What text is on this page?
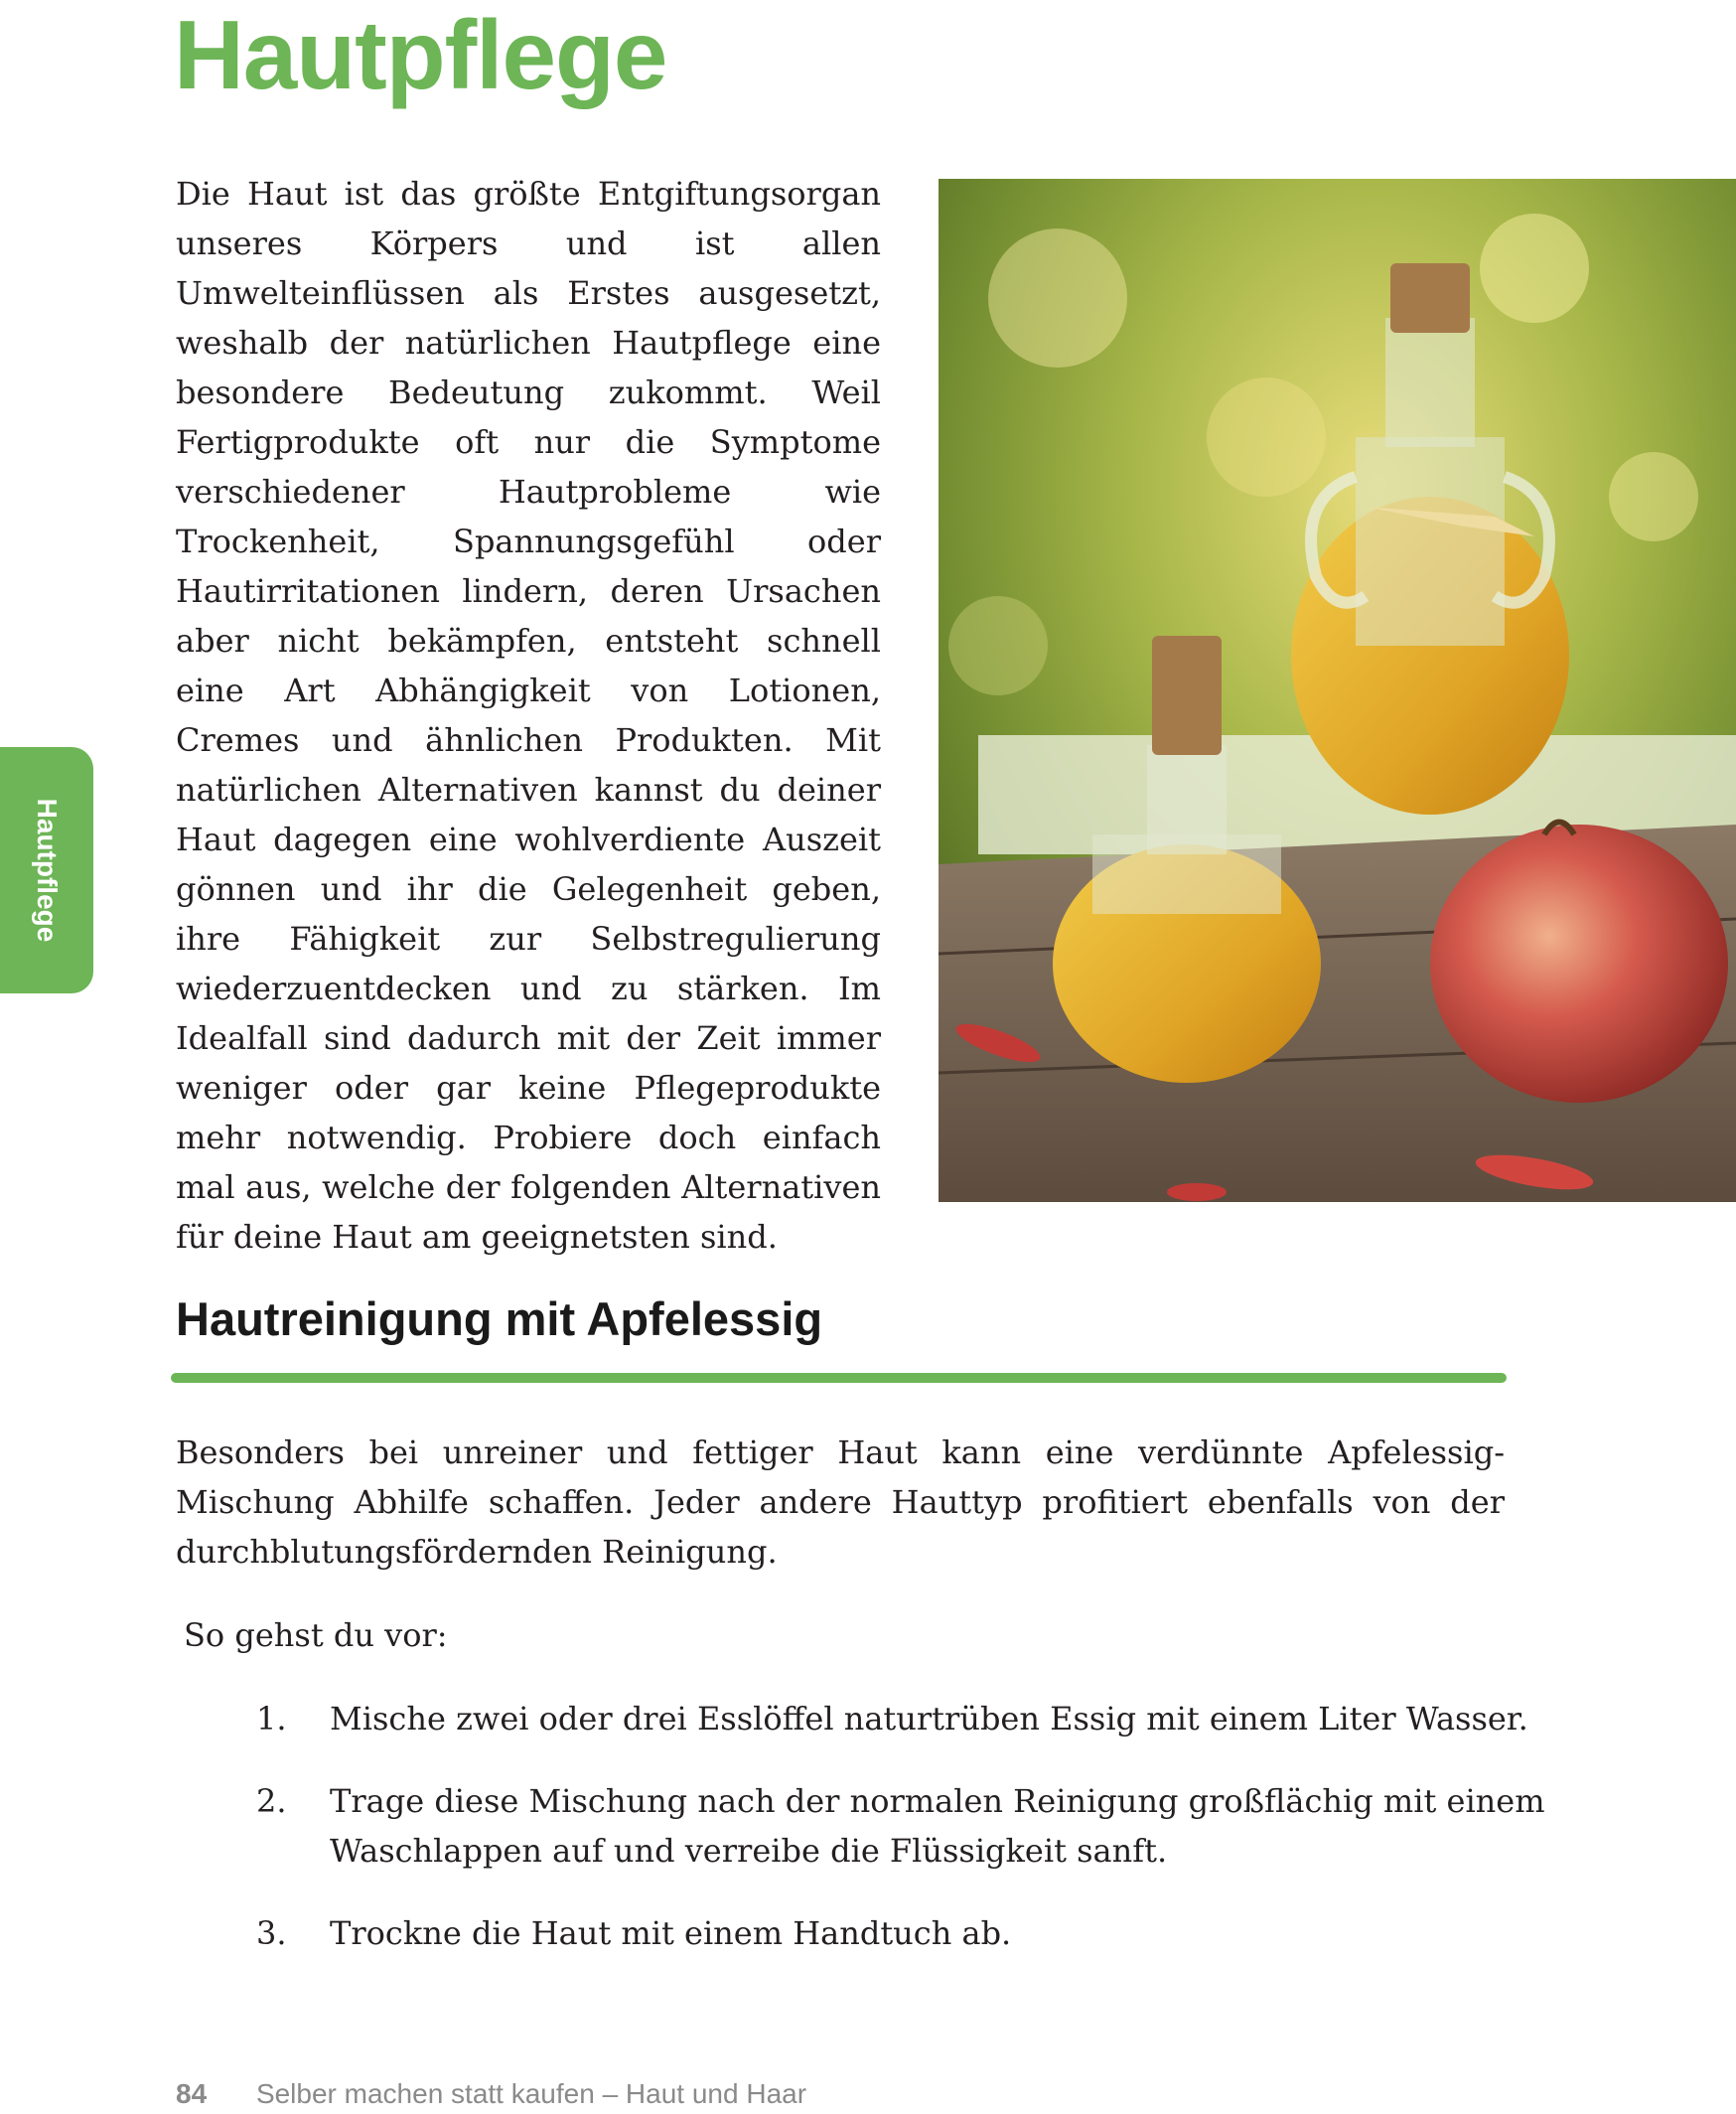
Hautpflege
Hautpflege

Die Haut ist das größte Entgiftungsorgan unseres Körpers und ist allen Umwelteinflüssen als Erstes ausgesetzt, weshalb der natürlichen Hautpflege eine besondere Bedeutung zukommt. Weil Fertigprodukte oft nur die Symptome verschiedener Hautprobleme wie Trockenheit, Spannungsgefühl oder Hautirritationen lindern, deren Ursachen aber nicht bekämpfen, entsteht schnell eine Art Abhängigkeit von Lotionen, Cremes und ähnlichen Produkten. Mit natürlichen Alternativen kannst du deiner Haut dagegen eine wohlverdiente Auszeit gönnen und ihr die Gelegenheit geben, ihre Fähigkeit zur Selbstregulierung wiederzuentdecken und zu stärken. Im Idealfall sind dadurch mit der Zeit immer weniger oder gar keine Pflegeprodukte mehr notwendig. Probiere doch einfach mal aus, welche der folgenden Alternativen für deine Haut am geeignetsten sind.

Hautreinigung mit Apfelessig

Besonders bei unreiner und fettiger Haut kann eine verdünnte Apfelessig-Mischung Abhilfe schaffen. Jeder andere Hauttyp profitiert ebenfalls von der durchblutungsfördernden Reinigung.

So gehst du vor:

1. Mische zwei oder drei Esslöffel naturtrüben Essig mit einem Liter Wasser.
2. Trage diese Mischung nach der normalen Reinigung großflächig mit einem Waschlappen auf und verreibe die Flüssigkeit sanft.
3. Trockne die Haut mit einem Handtuch ab.
84 Selber machen statt kaufen – Haut und Haar
